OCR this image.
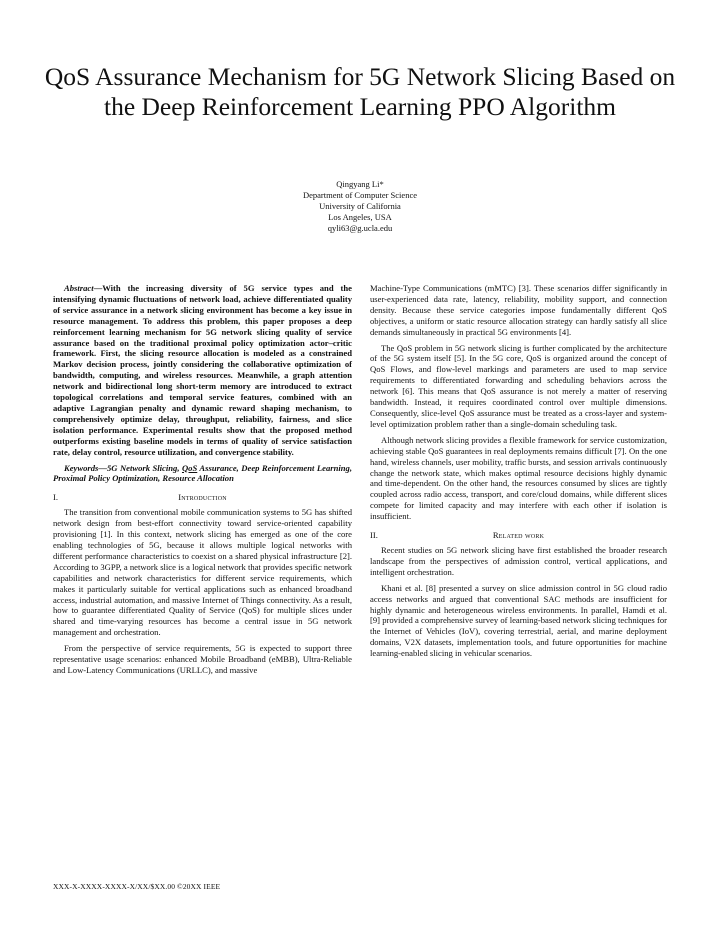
QoS Assurance Mechanism for 5G Network Slicing Based on the Deep Reinforcement Learning PPO Algorithm
Qingyang Li*
Department of Computer Science
University of California
Los Angeles, USA
qyli63@g.ucla.edu

Abstract—With the increasing diversity of 5G service types and the intensifying dynamic fluctuations of network load, achieve differentiated quality of service assurance in a network slicing environment has become a key issue in resource management. To address this problem, this paper proposes a deep reinforcement learning mechanism for 5G network slicing quality of service assurance based on the traditional proximal policy optimization actor–critic framework. First, the slicing resource allocation is modeled as a constrained Markov decision process, jointly considering the collaborative optimization of bandwidth, computing, and wireless resources. Meanwhile, a graph attention network and bidirectional long short-term memory are introduced to extract topological correlations and temporal service features, combined with an adaptive Lagrangian penalty and dynamic reward shaping mechanism, to comprehensively optimize delay, throughput, reliability, fairness, and slice isolation performance. Experimental results show that the proposed method outperforms existing baseline models in terms of quality of service satisfaction rate, delay control, resource utilization, and convergence stability.

Keywords—5G Network Slicing, QoS Assurance, Deep Reinforcement Learning, Proximal Policy Optimization, Resource Allocation

I.	Introduction

The transition from conventional mobile communication systems to 5G has shifted network design from best-effort connectivity toward service-oriented capability provisioning [1]. In this context, network slicing has emerged as one of the core enabling technologies of 5G, because it allows multiple logical networks with different performance characteristics to coexist on a shared physical infrastructure [2]. According to 3GPP, a network slice is a logical network that provides specific network capabilities and network characteristics for different service requirements, which makes it particularly suitable for vertical applications such as enhanced broadband access, industrial automation, and massive Internet of Things connectivity. As a result, how to guarantee differentiated Quality of Service (QoS) for multiple slices under shared and time-varying resources has become a central issue in 5G network management and orchestration.

From the perspective of service requirements, 5G is expected to support three representative usage scenarios: enhanced Mobile Broadband (eMBB), Ultra-Reliable and Low-Latency Communications (URLLC), and massive

Machine-Type Communications (mMTC) [3]. These scenarios differ significantly in user-experienced data rate, latency, reliability, mobility support, and connection density. Because these service categories impose fundamentally different QoS objectives, a uniform or static resource allocation strategy can hardly satisfy all slice demands simultaneously in practical 5G environments [4].

The QoS problem in 5G network slicing is further complicated by the architecture of the 5G system itself [5]. In the 5G core, QoS is organized around the concept of QoS Flows, and flow-level markings and parameters are used to map service requirements to differentiated forwarding and scheduling behaviors across the network [6]. This means that QoS assurance is not merely a matter of reserving bandwidth. Instead, it requires coordinated control over multiple dimensions. Consequently, slice-level QoS assurance must be treated as a cross-layer and system-level optimization problem rather than a single-domain scheduling task.

Although network slicing provides a flexible framework for service customization, achieving stable QoS guarantees in real deployments remains difficult [7]. On the one hand, wireless channels, user mobility, traffic bursts, and session arrivals continuously change the network state, which makes optimal resource decisions highly dynamic and time-dependent. On the other hand, the resources consumed by slices are tightly coupled across radio access, transport, and core/cloud domains, while different slices compete for limited capacity and may interfere with each other if isolation is insufficient.

II.	Related work

Recent studies on 5G network slicing have first established the broader research landscape from the perspectives of admission control, vertical applications, and intelligent orchestration.

Khani et al. [8] presented a survey on slice admission control in 5G cloud radio access networks and argued that conventional SAC methods are insufficient for highly dynamic and heterogeneous wireless environments. In parallel, Hamdi et al. [9] provided a comprehensive survey of learning-based network slicing techniques for the Internet of Vehicles (IoV), covering terrestrial, aerial, and marine deployment domains, V2X datasets, implementation tools, and future opportunities for machine learning-enabled slicing in vehicular scenarios.

XXX-X-XXXX-XXXX-X/XX/$XX.00 ©20XX IEEE
